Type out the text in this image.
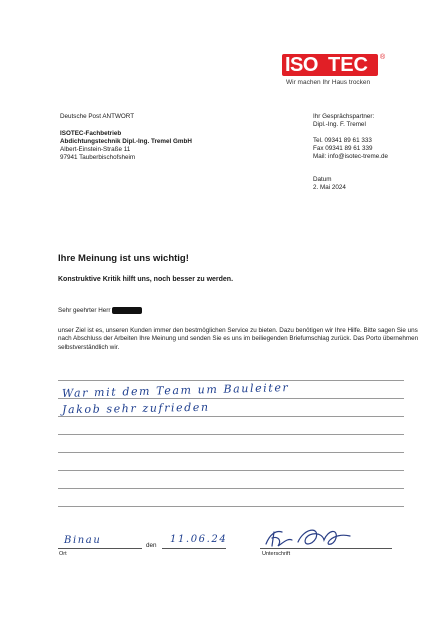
ISO TEC ®
Wir machen Ihr Haus trocken
Deutsche Post ANTWORT
ISOTEC-Fachbetrieb
Abdichtungstechnik Dipl.-Ing. Tremel GmbH
Albert-Einstein-Straße 11
97941 Tauberbischofsheim
Ihr Gesprächspartner:
Dipl.-Ing. F. Tremel
Tel. 09341 89 61 333
Fax 09341 89 61 339
Mail: info@isotec-treme.de
Datum
2. Mai 2024
Ihre Meinung ist uns wichtig!
Konstruktive Kritik hilft uns, noch besser zu werden.
Sehr geehrter Herr
unser Ziel ist es, unseren Kunden immer den bestmöglichen Service zu bieten. Dazu benötigen wir Ihre Hilfe. Bitte sagen Sie uns nach Abschluss der Arbeiten Ihre Meinung und senden Sie es uns im beiliegenden Briefumschlag zurück. Das Porto übernehmen selbstverständlich wir.
War mit dem Team um Bauleiter
Jakob sehr zufrieden
Binau
Ort
den
11.06.24
Unterschrift
